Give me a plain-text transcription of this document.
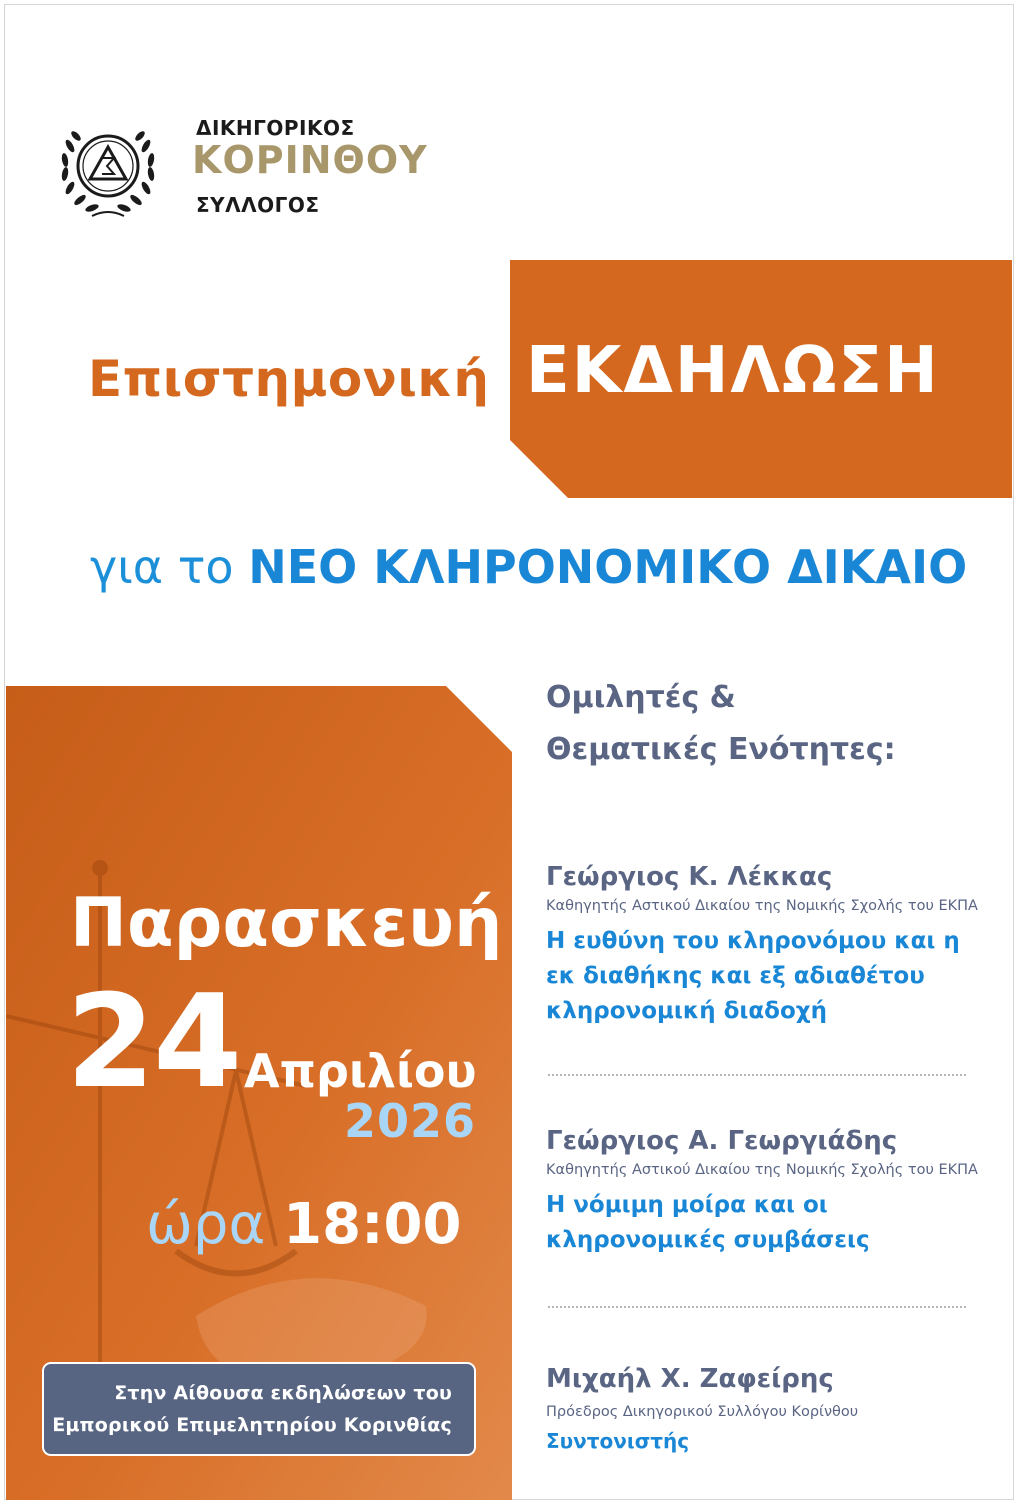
ΔΙΚΗΓΟΡΙΚΟΣ
ΚΟΡΙΝΘΟΥ
ΣΥΛΛΟΓΟΣ
Επιστημονική ΕΚΔΗΛΩΣΗ
για το ΝΕΟ ΚΛΗΡΟΝΟΜΙΚΟ ΔΙΚΑΙΟ
Παρασκευή
24 Απριλίου
2026
ώρα 18:00
Στην Αίθουσα εκδηλώσεων του
Εμπορικού Επιμελητηρίου Κορινθίας
Ομιλητές &
Θεματικές Ενότητες:
Γεώργιος Κ. Λέκκας
Καθηγητής Αστικού Δικαίου της Νομικής Σχολής του ΕΚΠΑ
Η ευθύνη του κληρονόμου και η
εκ διαθήκης και εξ αδιαθέτου
κληρονομική διαδοχή
Γεώργιος Α. Γεωργιάδης
Καθηγητής Αστικού Δικαίου της Νομικής Σχολής του ΕΚΠΑ
Η νόμιμη μοίρα και οι
κληρονομικές συμβάσεις
Μιχαήλ Χ. Ζαφείρης
Πρόεδρος Δικηγορικού Συλλόγου Κορίνθου
Συντονιστής
